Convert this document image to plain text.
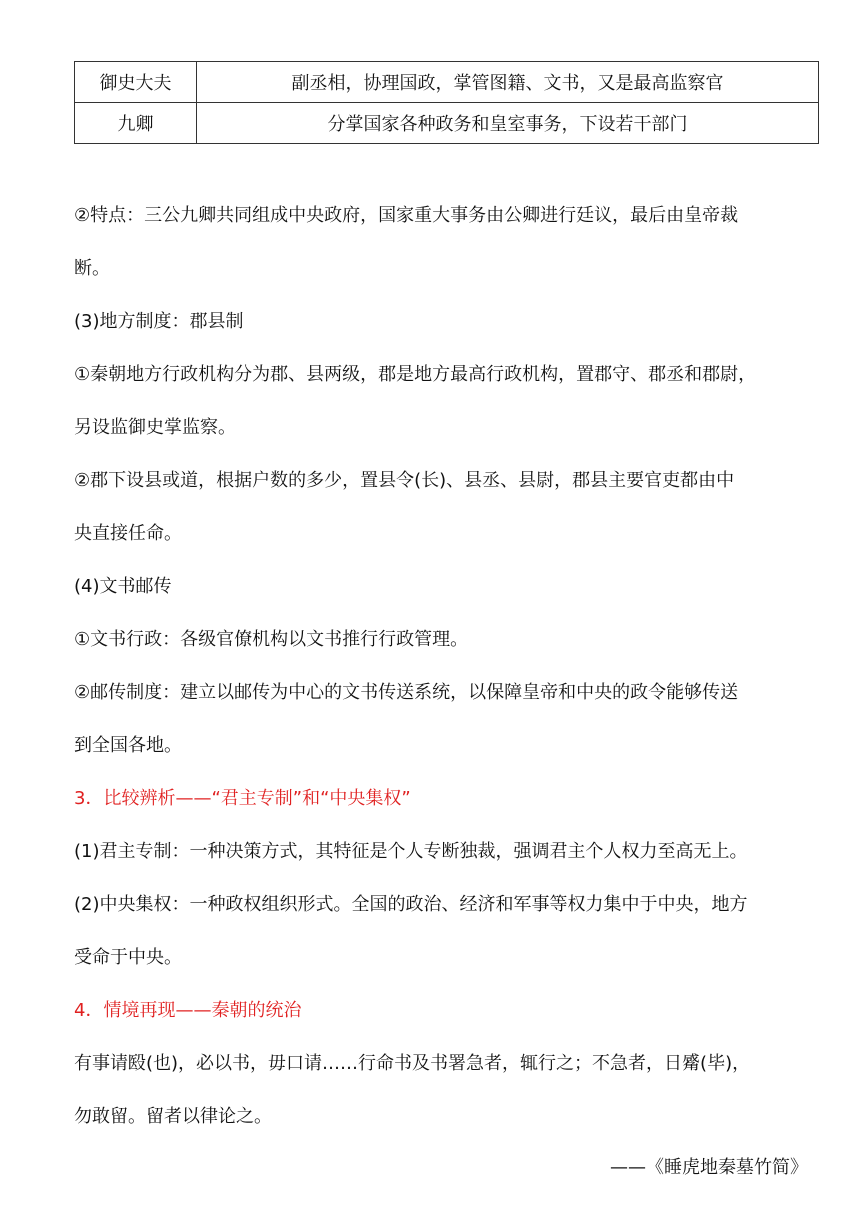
御史大夫	副丞相，协理国政，掌管图籍、文书，又是最高监察官
九卿	分掌国家各种政务和皇室事务，下设若干部门

②特点：三公九卿共同组成中央政府，国家重大事务由公卿进行廷议，最后由皇帝裁

断。

(3)地方制度：郡县制

①秦朝地方行政机构分为郡、县两级，郡是地方最高行政机构，置郡守、郡丞和郡尉，

另设监御史掌监察。

②郡下设县或道，根据户数的多少，置县令(长)、县丞、县尉，郡县主要官吏都由中

央直接任命。

(4)文书邮传

①文书行政：各级官僚机构以文书推行行政管理。

②邮传制度：建立以邮传为中心的文书传送系统，以保障皇帝和中央的政令能够传送

到全国各地。

3．比较辨析——“君主专制”和“中央集权”

(1)君主专制：一种决策方式，其特征是个人专断独裁，强调君主个人权力至高无上。

(2)中央集权：一种政权组织形式。全国的政治、经济和军事等权力集中于中央，地方

受命于中央。

4．情境再现——秦朝的统治

有事请殹(也)，必以书，毋口请……行命书及书署急者，辄行之；不急者，日觱(毕)，

勿敢留。留者以律论之。

——《睡虎地秦墓竹简》
